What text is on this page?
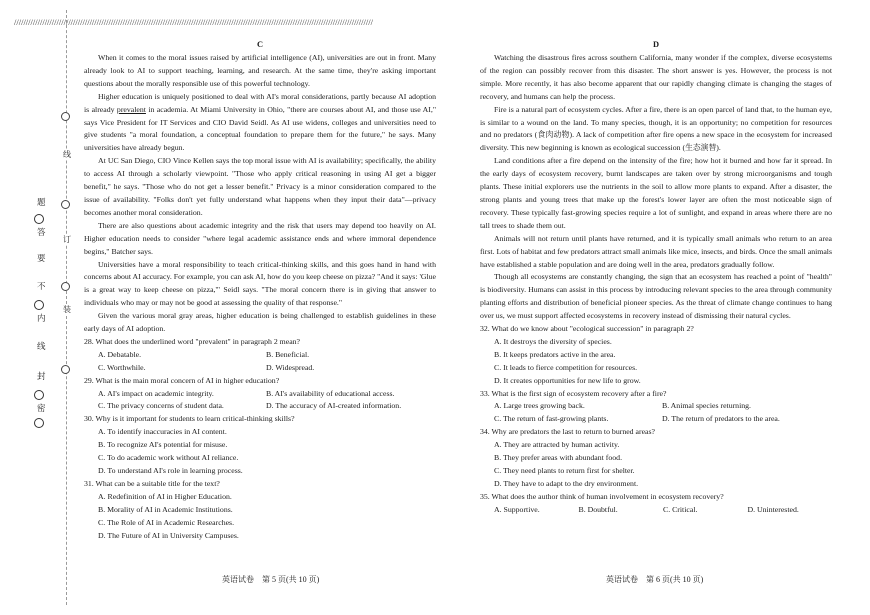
////////////////////////////////////////////////////////////////////////////////////////////////////////////////////////////////////////////////////////
线
订
装
题
答
要
不
内
线
封
密
C

When it comes to the moral issues raised by artificial intelligence (AI), universities are out in front. Many already look to AI to support teaching, learning, and research. At the same time, they're asking important questions about the morally responsible use of this powerful technology.

Higher education is uniquely positioned to deal with AI's moral considerations, partly because AI adoption is already prevalent in academia. At Miami University in Ohio, "there are courses about AI, and those use AI," says Vice President for IT Services and CIO David Seidl. As AI use widens, colleges and universities need to give students "a moral foundation, a conceptual foundation to prepare them for the future," he says. Many universities have already begun.

At UC San Diego, CIO Vince Kellen says the top moral issue with AI is availability; specifically, the ability to access AI through a scholarly viewpoint. "Those who apply critical reasoning in using AI get a bigger benefit," he says. "Those who do not get a lesser benefit." Privacy is a minor consideration compared to the issue of availability. "Folks don't yet fully understand what happens when they input their data"—privacy becomes another moral consideration.

There are also questions about academic integrity and the risk that users may depend too heavily on AI. Higher education needs to consider "where legal academic assistance ends and where immoral dependence begins," Batcher says.

Universities have a moral responsibility to teach critical-thinking skills, and this goes hand in hand with concerns about AI accuracy. For example, you can ask AI, how do you keep cheese on pizza? "And it says: 'Glue is a great way to keep cheese on pizza,'" Seidl says. "The moral concern there is in giving that answer to individuals who may or may not be good at assessing the quality of that response."

Given the various moral gray areas, higher education is being challenged to establish guidelines in these early days of AI adoption.

28. What does the underlined word "prevalent" in paragraph 2 mean?

A. Debatable.	B. Beneficial.
C. Worthwhile.	D. Widespread.

29. What is the main moral concern of AI in higher education?

A. AI's impact on academic integrity.	B. AI's availability of educational access.
C. The privacy concerns of student data.	D. The accuracy of AI-created information.

30. Why is it important for students to learn critical-thinking skills?

A. To identify inaccuracies in AI content.

B. To recognize AI's potential for misuse.

C. To do academic work without AI reliance.

D. To understand AI's role in learning process.

31. What can be a suitable title for the text?

A. Redefinition of AI in Higher Education.

B. Morality of AI in Academic Institutions.

C. The Role of AI in Academic Researches.

D. The Future of AI in University Campuses.

D

Watching the disastrous fires across southern California, many wonder if the complex, diverse ecosystems of the region can possibly recover from this disaster. The short answer is yes. However, the process is not simple. More recently, it has also become apparent that our rapidly changing climate is changing the stages of recovery, and humans can help the process.

Fire is a natural part of ecosystem cycles. After a fire, there is an open parcel of land that, to the human eye, is similar to a wound on the land. To many species, though, it is an opportunity; no competition for resources and no predators (食肉动物). A lack of competition after fire opens a new space in the ecosystem for increased diversity. This new beginning is known as ecological succession (生态演替).

Land conditions after a fire depend on the intensity of the fire; how hot it burned and how far it spread. In the early days of ecosystem recovery, burnt landscapes are taken over by strong microorganisms and tough plants. These initial explorers use the nutrients in the soil to allow more plants to expand. After a disaster, the strong plants and young trees that make up the forest's lower layer are often the most noticeable sign of recovery. These typically fast-growing species require a lot of sunlight, and expand in areas where there are no tall trees to shade them out.

Animals will not return until plants have returned, and it is typically small animals who return to an area first. Lots of habitat and few predators attract small animals like mice, insects, and birds. Once the small animals have established a stable population and are doing well in the area, predators gradually follow.

Though all ecosystems are constantly changing, the sign that an ecosystem has reached a point of "health" is biodiversity. Humans can assist in this process by introducing relevant species to the area through community planting efforts and distribution of beneficial pioneer species. As the threat of climate change continues to hang over us, we must support affected ecosystems in recovery instead of dismissing their natural cycles.

32. What do we know about "ecological succession" in paragraph 2?

A. It destroys the diversity of species.

B. It keeps predators active in the area.

C. It leads to fierce competition for resources.

D. It creates opportunities for new life to grow.

33. What is the first sign of ecosystem recovery after a fire?

A. Large trees growing back.	B. Animal species returning.
C. The return of fast-growing plants.	D. The return of predators to the area.

34. Why are predators the last to return to burned areas?

A. They are attracted by human activity.

B. They prefer areas with abundant food.

C. They need plants to return first for shelter.

D. They have to adapt to the dry environment.

35. What does the author think of human involvement in ecosystem recovery?

A. Supportive.	B. Doubtful.	C. Critical.	D. Uninterested.
英语试卷　第 5 页(共 10 页)	英语试卷　第 6 页(共 10 页)
